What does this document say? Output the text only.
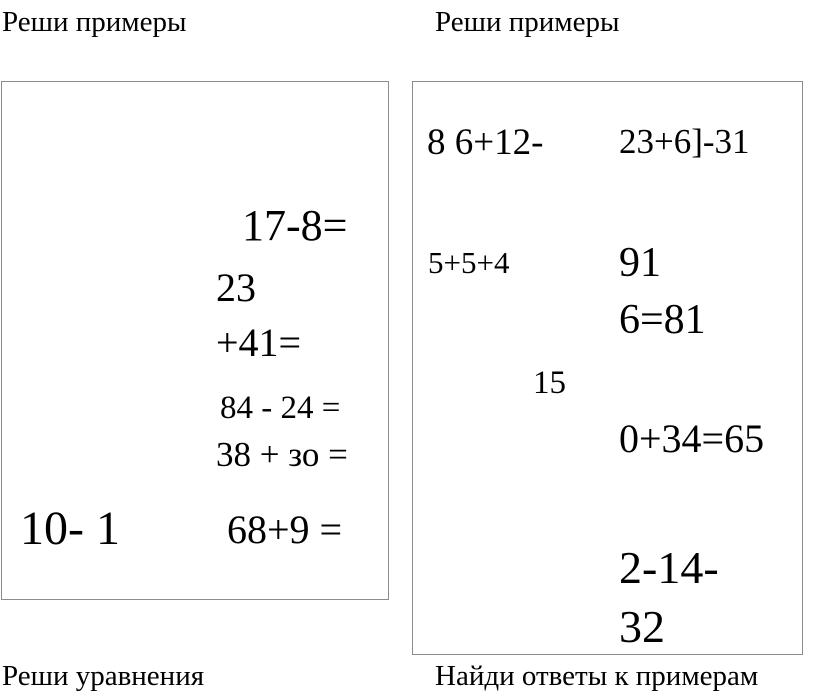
Реши примеры	Реши примеры
Реши уравнения	Найди ответы к примерам
17-8=
23
+41=
84 - 24 =
38 + зо =
10- 1	68+9 =
8 6+12- 23+6]-31
5+5+4	91
6=81
15
0+34=65
2-14-
32
